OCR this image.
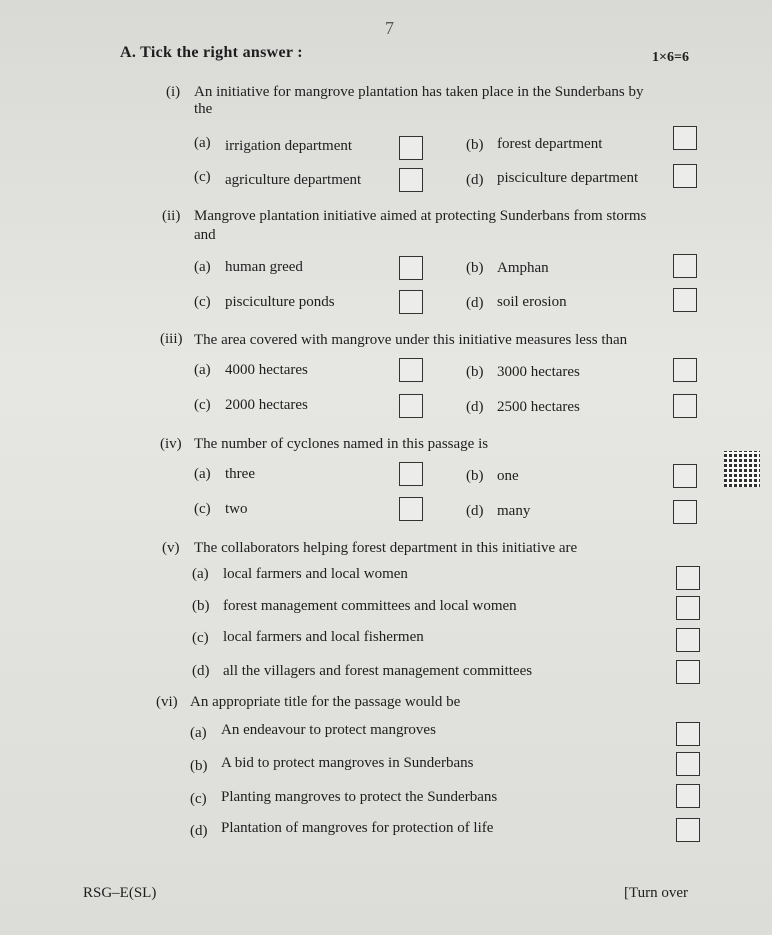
7
A. Tick the right answer :	1×6=6
(i) An initiative for mangrove plantation has taken place in the Sunderbans by
the
(a) irrigation department	(b) forest department
(c) agriculture department	(d) pisciculture department
(ii) Mangrove plantation initiative aimed at protecting Sunderbans from storms
and
(a) human greed	(b) Amphan
(c) pisciculture ponds	(d) soil erosion
(iii) The area covered with mangrove under this initiative measures less than
(a) 4000 hectares	(b) 3000 hectares
(c) 2000 hectares	(d) 2500 hectares
(iv) The number of cyclones named in this passage is
(a) three	(b) one
(c) two	(d) many
(v) The collaborators helping forest department in this initiative are
(a) local farmers and local women
(b) forest management committees and local women
(c) local farmers and local fishermen
(d) all the villagers and forest management committees
(vi) An appropriate title for the passage would be
(a) An endeavour to protect mangroves
(b) A bid to protect mangroves in Sunderbans
(c) Planting mangroves to protect the Sunderbans
(d) Plantation of mangroves for protection of life
RSG–E(SL)	[Turn over
